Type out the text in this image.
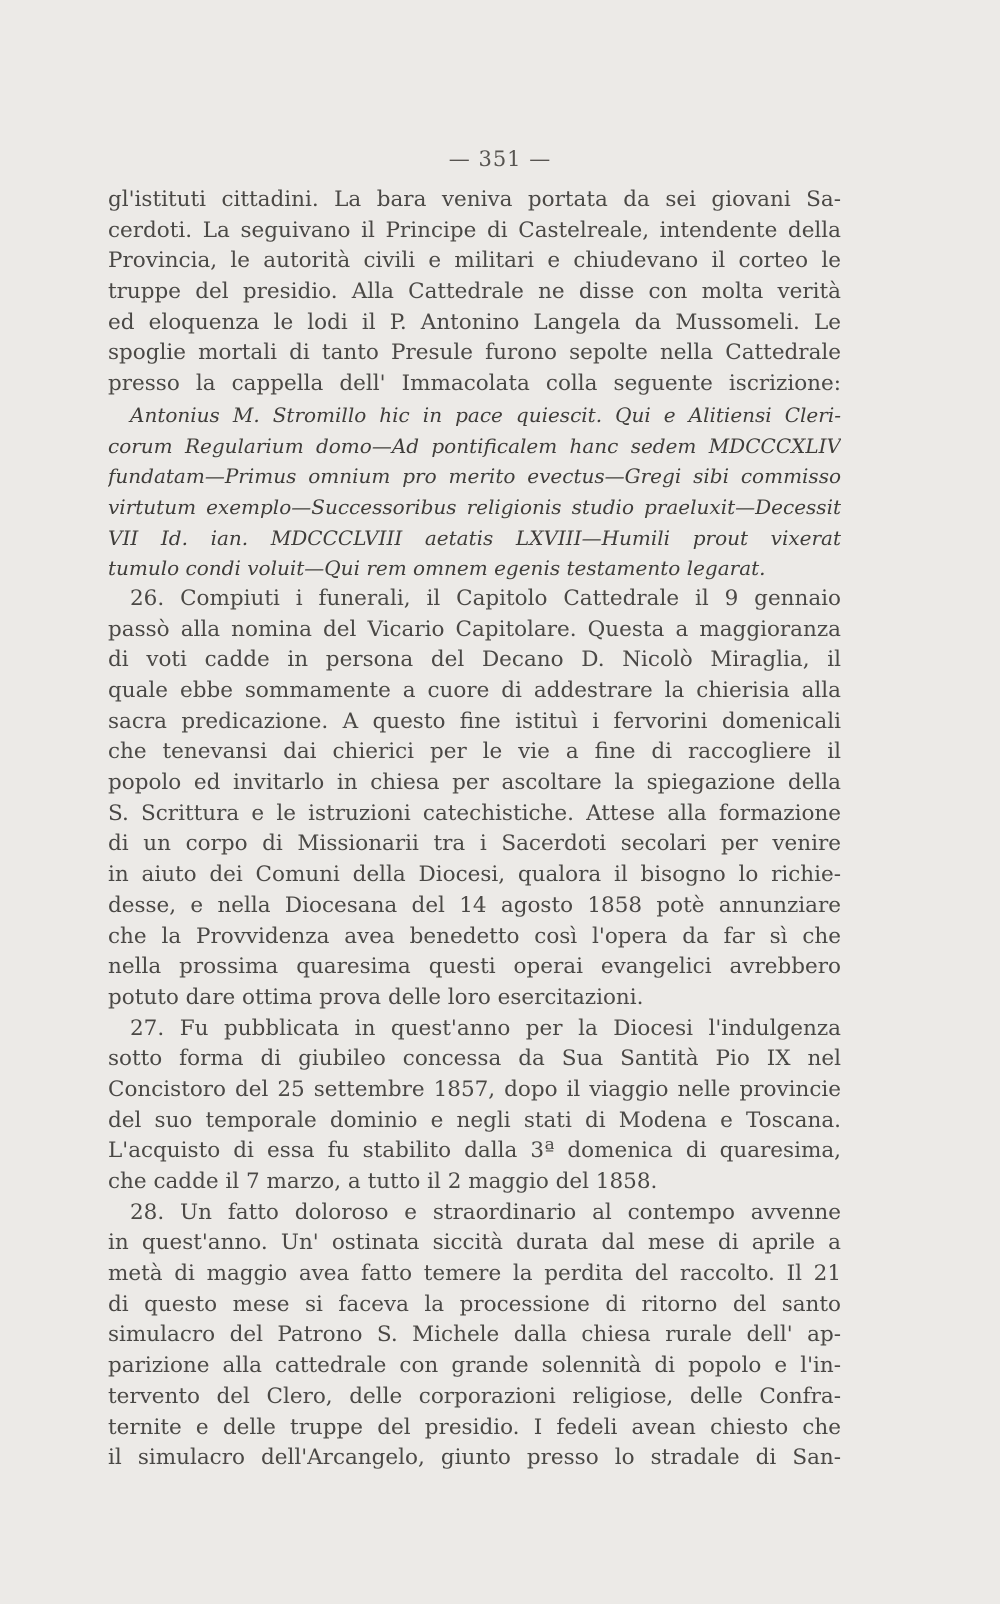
— 351 —
gl'istituti cittadini. La bara veniva portata da sei giovani Sa-
cerdoti. La seguivano il Principe di Castelreale, intendente della
Provincia, le autorità civili e militari e chiudevano il corteo le
truppe del presidio. Alla Cattedrale ne disse con molta verità
ed eloquenza le lodi il P. Antonino Langela da Mussomeli. Le
spoglie mortali di tanto Presule furono sepolte nella Cattedrale
presso la cappella dell' Immacolata colla seguente iscrizione:
Antonius M. Stromillo hic in pace quiescit. Qui e Alitiensi Cleri-
corum Regularium domo—Ad pontificalem hanc sedem MDCCCXLIV
fundatam—Primus omnium pro merito evectus—Gregi sibi commisso
virtutum exemplo—Successoribus religionis studio praeluxit—Decessit
VII Id. ian. MDCCCLVIII aetatis LXVIII—Humili prout vixerat
tumulo condi voluit—Qui rem omnem egenis testamento legarat.
26. Compiuti i funerali, il Capitolo Cattedrale il 9 gennaio
passò alla nomina del Vicario Capitolare. Questa a maggioranza
di voti cadde in persona del Decano D. Nicolò Miraglia, il
quale ebbe sommamente a cuore di addestrare la chierisia alla
sacra predicazione. A questo fine istituì i fervorini domenicali
che tenevansi dai chierici per le vie a fine di raccogliere il
popolo ed invitarlo in chiesa per ascoltare la spiegazione della
S. Scrittura e le istruzioni catechistiche. Attese alla formazione
di un corpo di Missionarii tra i Sacerdoti secolari per venire
in aiuto dei Comuni della Diocesi, qualora il bisogno lo richie-
desse, e nella Diocesana del 14 agosto 1858 potè annunziare
che la Provvidenza avea benedetto così l'opera da far sì che
nella prossima quaresima questi operai evangelici avrebbero
potuto dare ottima prova delle loro esercitazioni.
27. Fu pubblicata in quest'anno per la Diocesi l'indulgenza
sotto forma di giubileo concessa da Sua Santità Pio IX nel
Concistoro del 25 settembre 1857, dopo il viaggio nelle provincie
del suo temporale dominio e negli stati di Modena e Toscana.
L'acquisto di essa fu stabilito dalla 3ª domenica di quaresima,
che cadde il 7 marzo, a tutto il 2 maggio del 1858.
28. Un fatto doloroso e straordinario al contempo avvenne
in quest'anno. Un' ostinata siccità durata dal mese di aprile a
metà di maggio avea fatto temere la perdita del raccolto. Il 21
di questo mese si faceva la processione di ritorno del santo
simulacro del Patrono S. Michele dalla chiesa rurale dell' ap-
parizione alla cattedrale con grande solennità di popolo e l'in-
tervento del Clero, delle corporazioni religiose, delle Confra-
ternite e delle truppe del presidio. I fedeli avean chiesto che
il simulacro dell'Arcangelo, giunto presso lo stradale di San-
